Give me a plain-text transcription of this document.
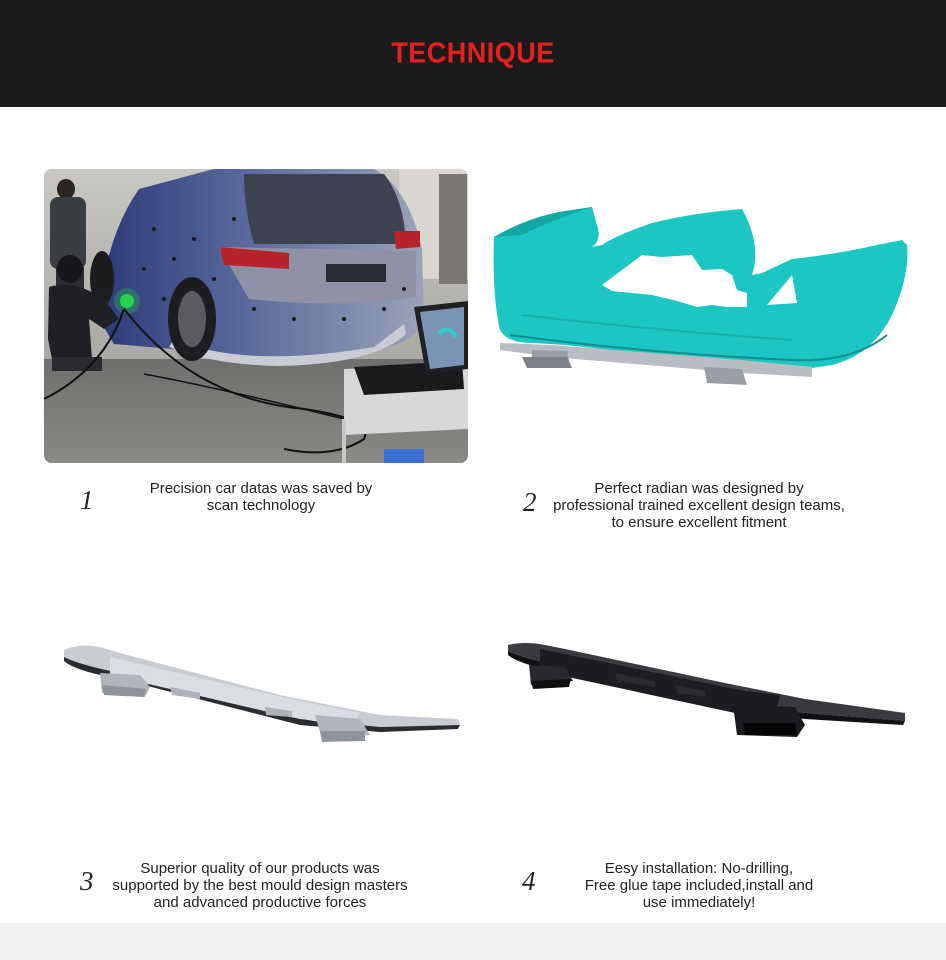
TECHNIQUE
1	Precision car datas was saved by
scan technology	2	Perfect radian was designed by
professional trained excellent design teams,
to ensure excellent fitment
3	Superior quality of our products was
supported by the best mould design masters
and advanced productive forces
4	Eesy installation: No-drilling,
Free glue tape included,install and
use immediately!
